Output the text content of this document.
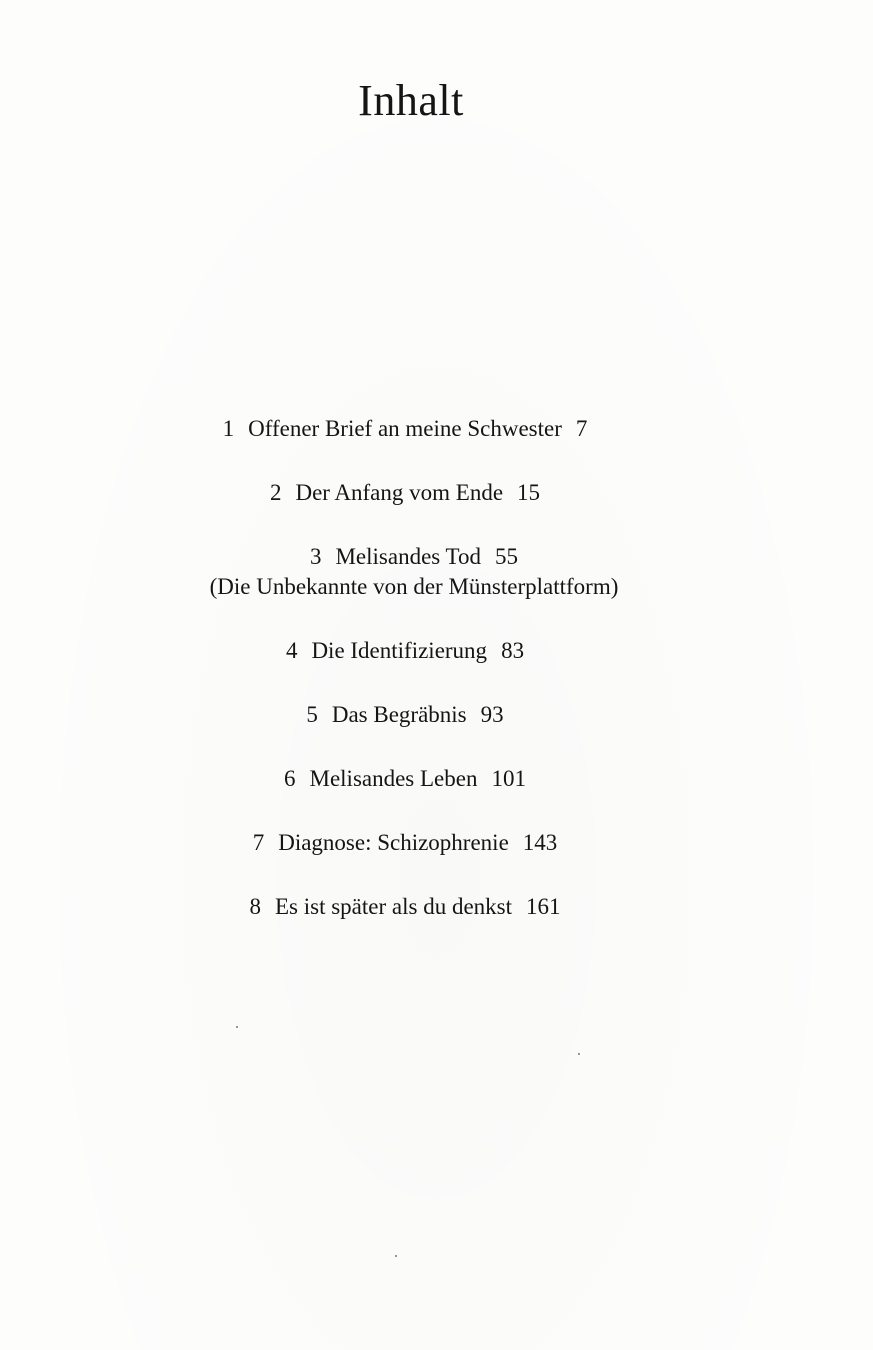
Inhalt
1 Offener Brief an meine Schwester 7
2 Der Anfang vom Ende 15
3 Melisandes Tod 55
(Die Unbekannte von der Münsterplattform)
4 Die Identifizierung 83
5 Das Begräbnis 93
6 Melisandes Leben 101
7 Diagnose: Schizophrenie 143
8 Es ist später als du denkst 161
